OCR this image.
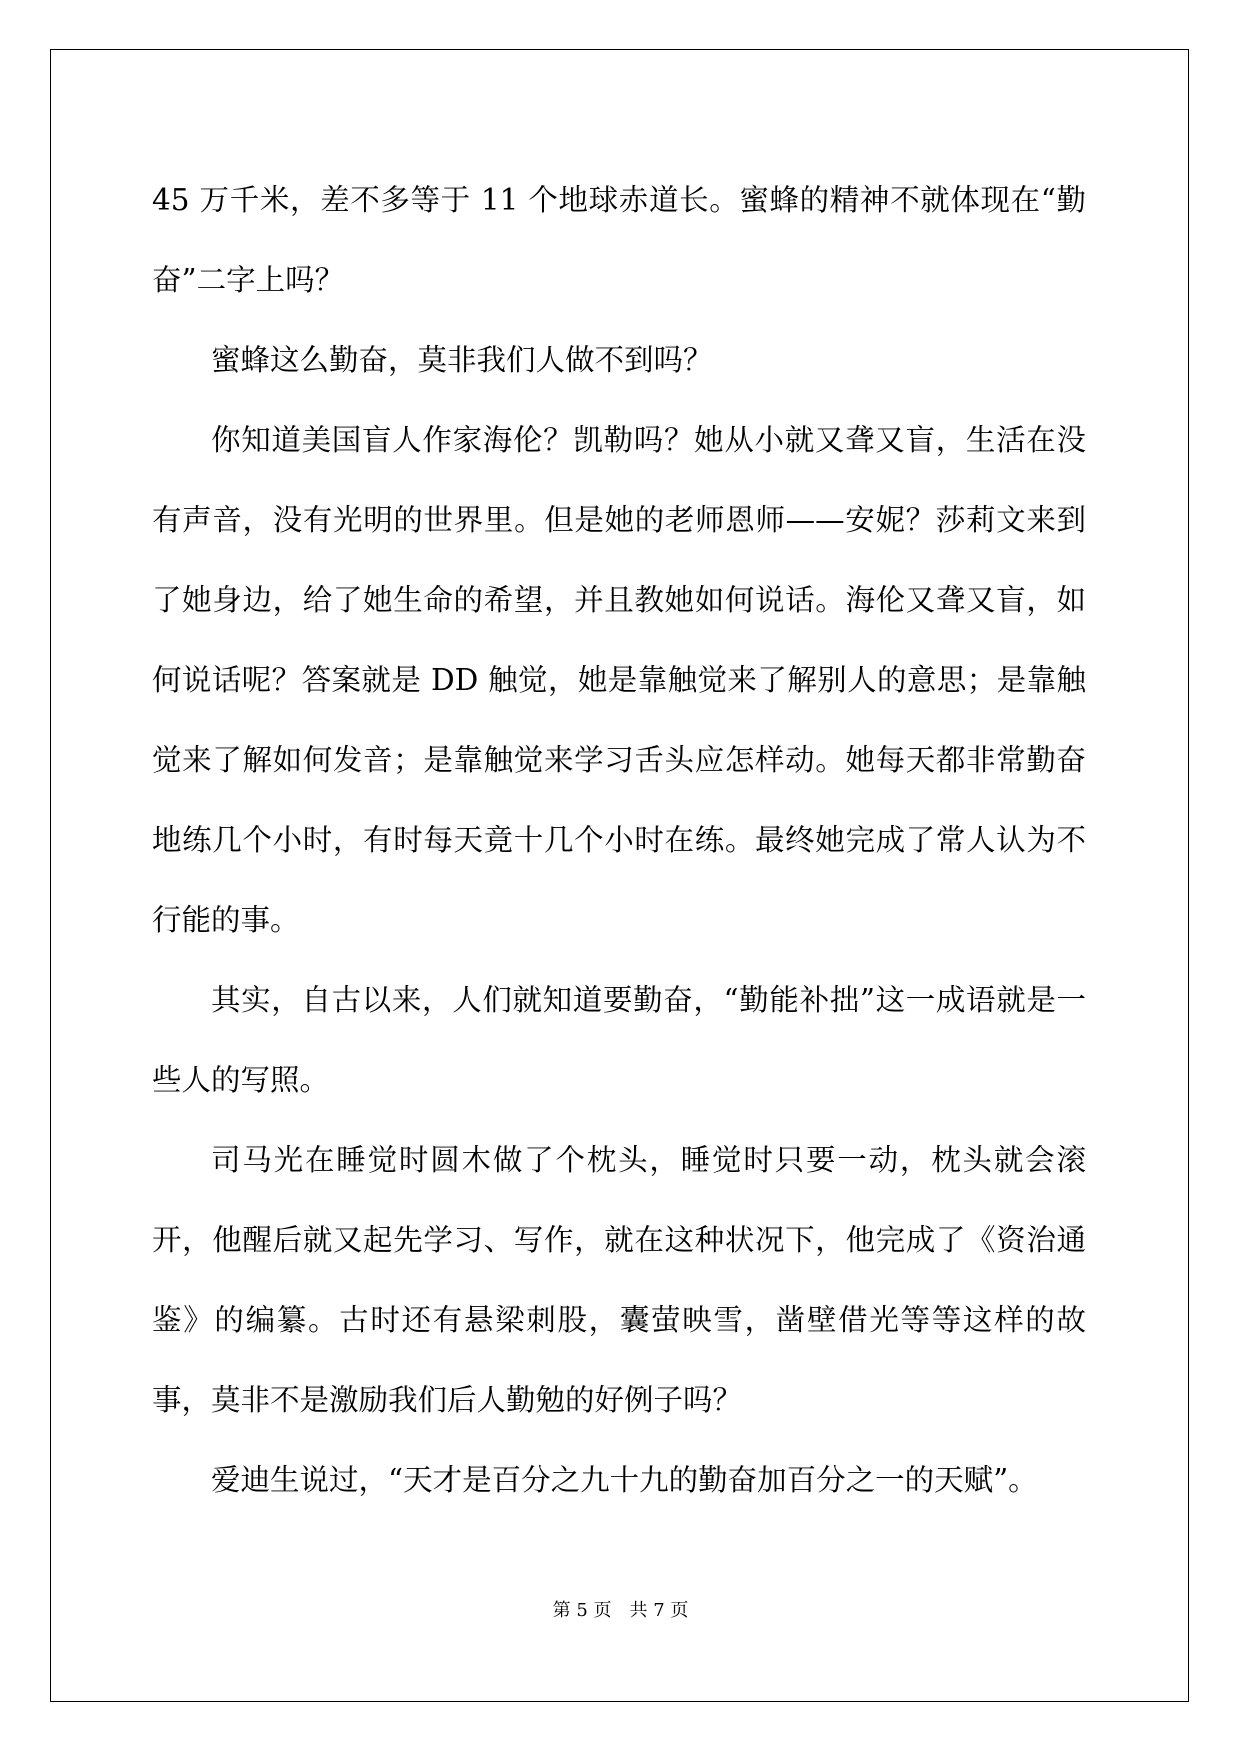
45 万千米，差不多等于 11 个地球赤道长。蜜蜂的精神不就体现在“勤奋”二字上吗？

蜜蜂这么勤奋，莫非我们人做不到吗？

你知道美国盲人作家海伦？凯勒吗？她从小就又聋又盲，生活在没有声音，没有光明的世界里。但是她的老师恩师——安妮？莎莉文来到了她身边，给了她生命的希望，并且教她如何说话。海伦又聋又盲，如何说话呢？答案就是 DD 触觉，她是靠触觉来了解别人的意思；是靠触觉来了解如何发音；是靠触觉来学习舌头应怎样动。她每天都非常勤奋地练几个小时，有时每天竟十几个小时在练。最终她完成了常人认为不行能的事。

其实，自古以来，人们就知道要勤奋，“勤能补拙”这一成语就是一些人的写照。

司马光在睡觉时圆木做了个枕头，睡觉时只要一动，枕头就会滚开，他醒后就又起先学习、写作，就在这种状况下，他完成了《资治通鉴》的编纂。古时还有悬梁刺股，囊萤映雪，凿壁借光等等这样的故事，莫非不是激励我们后人勤勉的好例子吗？

爱迪生说过，“天才是百分之九十九的勤奋加百分之一的天赋”。

第 5 页 共 7 页
